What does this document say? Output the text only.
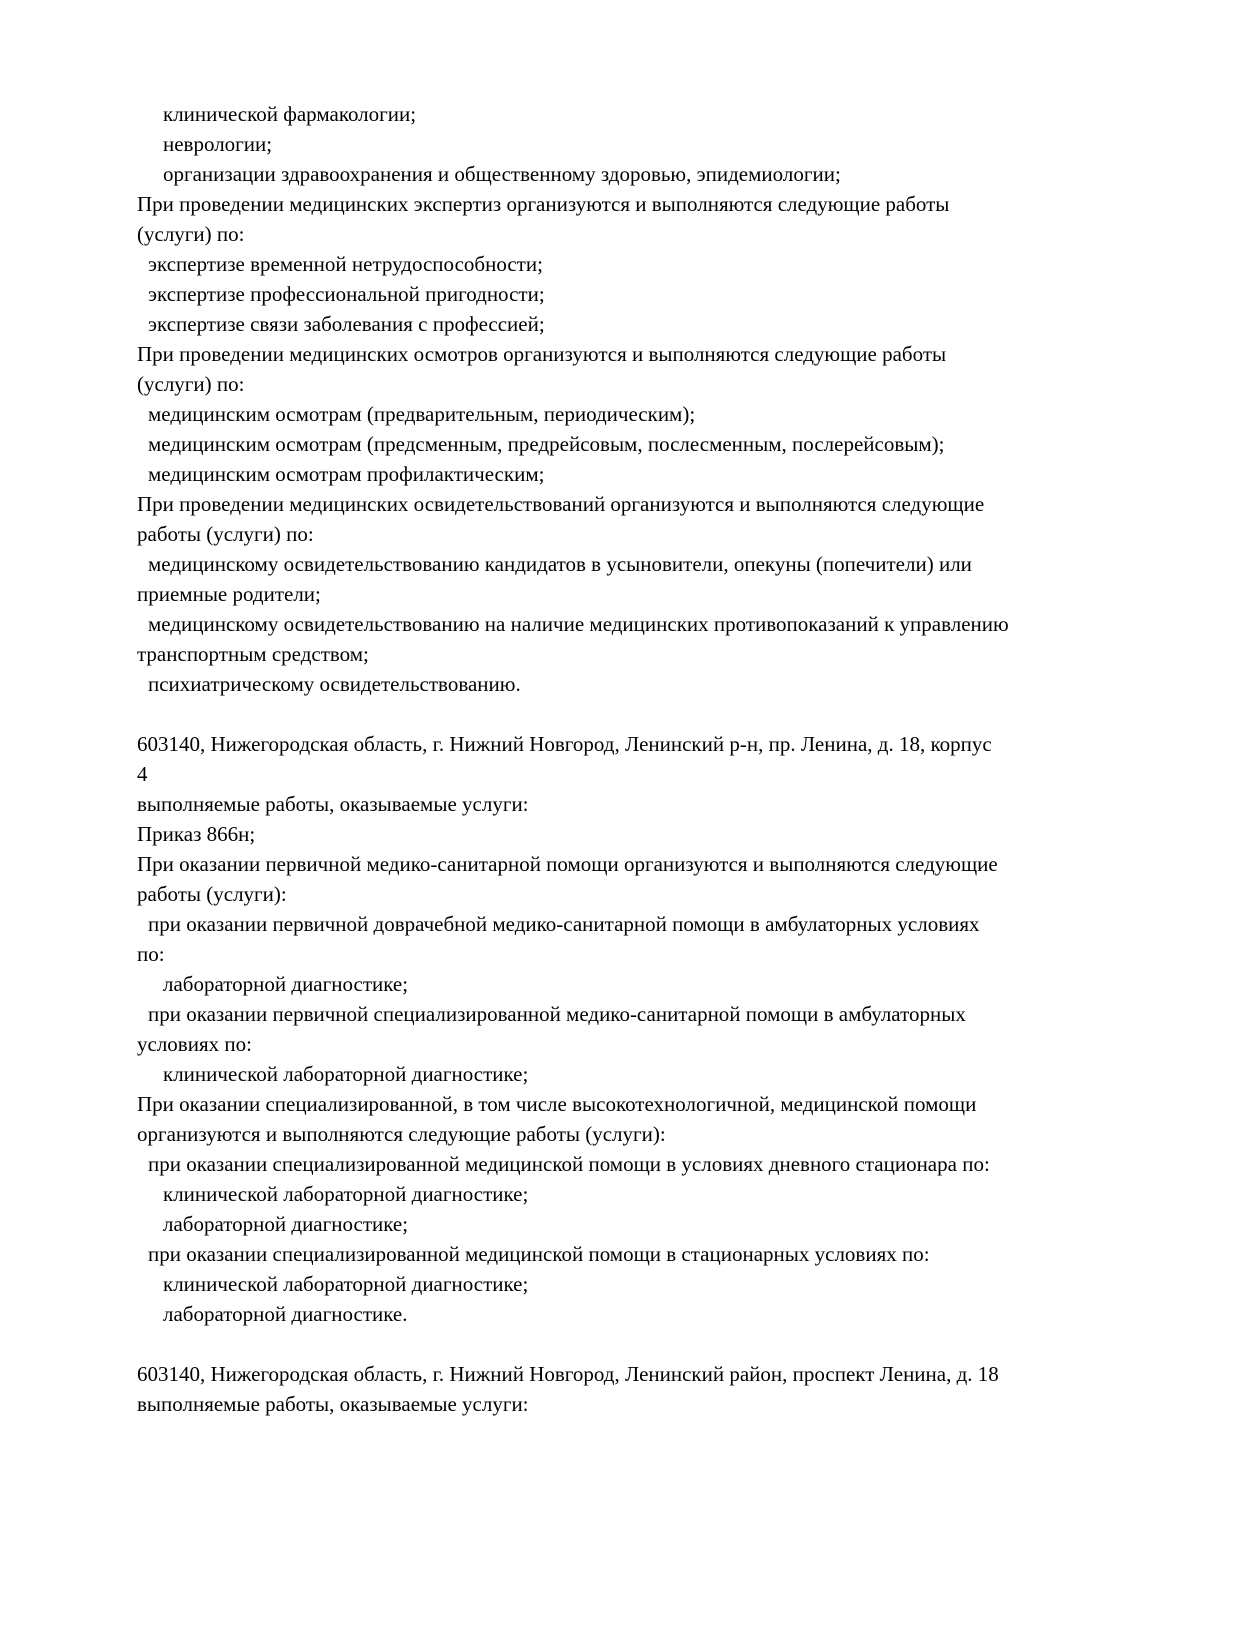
клинической фармакологии;
неврологии;
организации здравоохранения и общественному здоровью, эпидемиологии;
При проведении медицинских экспертиз организуются и выполняются следующие работы
(услуги) по:
экспертизе временной нетрудоспособности;
экспертизе профессиональной пригодности;
экспертизе связи заболевания с профессией;
При проведении медицинских осмотров организуются и выполняются следующие работы
(услуги) по:
медицинским осмотрам (предварительным, периодическим);
медицинским осмотрам (предсменным, предрейсовым, послесменным, послерейсовым);
медицинским осмотрам профилактическим;
При проведении медицинских освидетельствований организуются и выполняются следующие
работы (услуги) по:
медицинскому освидетельствованию кандидатов в усыновители, опекуны (попечители) или
приемные родители;
медицинскому освидетельствованию на наличие медицинских противопоказаний к управлению
транспортным средством;
психиатрическому освидетельствованию.
603140, Нижегородская область, г. Нижний Новгород, Ленинский р-н, пр. Ленина, д. 18, корпус
4
выполняемые работы, оказываемые услуги:
Приказ 866н;
При оказании первичной медико-санитарной помощи организуются и выполняются следующие
работы (услуги):
при оказании первичной доврачебной медико-санитарной помощи в амбулаторных условиях
по:
лабораторной диагностике;
при оказании первичной специализированной медико-санитарной помощи в амбулаторных
условиях по:
клинической лабораторной диагностике;
При оказании специализированной, в том числе высокотехнологичной, медицинской помощи
организуются и выполняются следующие работы (услуги):
при оказании специализированной медицинской помощи в условиях дневного стационара по:
клинической лабораторной диагностике;
лабораторной диагностике;
при оказании специализированной медицинской помощи в стационарных условиях по:
клинической лабораторной диагностике;
лабораторной диагностике.
603140, Нижегородская область, г. Нижний Новгород, Ленинский район, проспект Ленина, д. 18
выполняемые работы, оказываемые услуги:
